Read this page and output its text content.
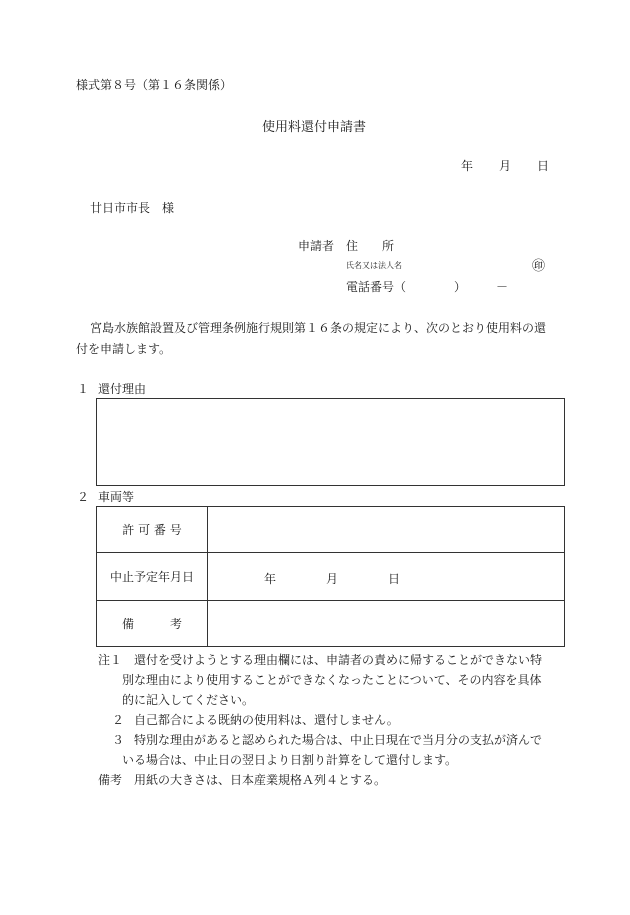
様式第８号（第１６条関係）
使用料還付申請書
年 月 日
廿日市市長　様
申請者 住　　所
氏名又は法人名	㊞
電話番号（　　　　）　　　－
宮島水族館設置及び管理条例施行規則第１６条の規定により、次のとおり使用料の還
付を申請します。
１ 還付理由
２ 車両等
許 可 番 号	
中止予定年月日	年 月 日

備　　　考	
注１ 還付を受けようとする理由欄には、申請者の責めに帰することができない特
別な理由により使用することができなくなったことについて、その内容を具体
的に記入してください。
２ 自己都合による既納の使用料は、還付しません。
３ 特別な理由があると認められた場合は、中止日現在で当月分の支払が済んで
いる場合は、中止日の翌日より日割り計算をして還付します。
備考 用紙の大きさは、日本産業規格Ａ列４とする。
